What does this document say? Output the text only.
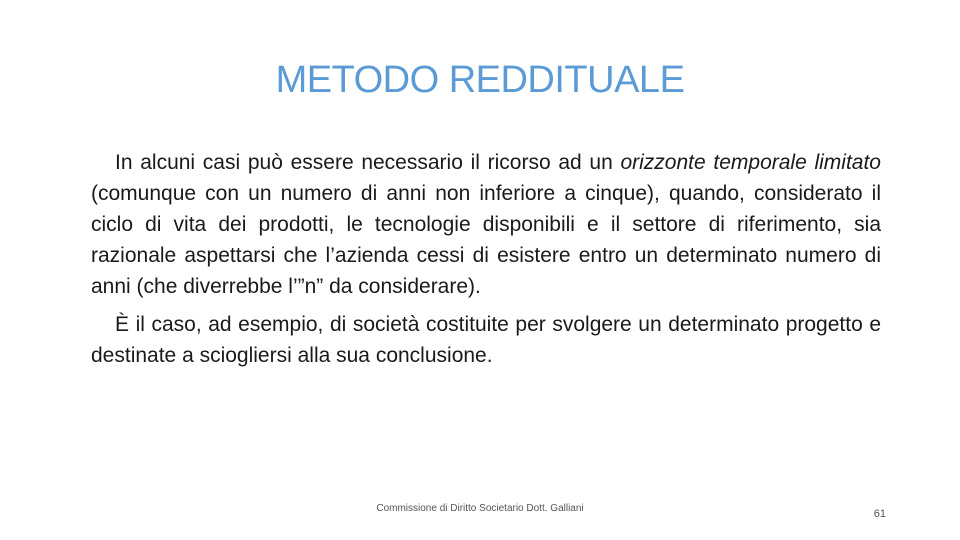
METODO REDDITUALE

In alcuni casi può essere necessario il ricorso ad un orizzonte temporale limitato (comunque con un numero di anni non inferiore a cinque), quando, considerato il ciclo di vita dei prodotti, le tecnologie disponibili e il settore di riferimento, sia razionale aspettarsi che l’azienda cessi di esistere entro un determinato numero di anni (che diverrebbe l’”n” da considerare).

È il caso, ad esempio, di società costituite per svolgere un determinato progetto e destinate a sciogliersi alla sua conclusione.

Commissione di Diritto Societario Dott. Galliani	61
